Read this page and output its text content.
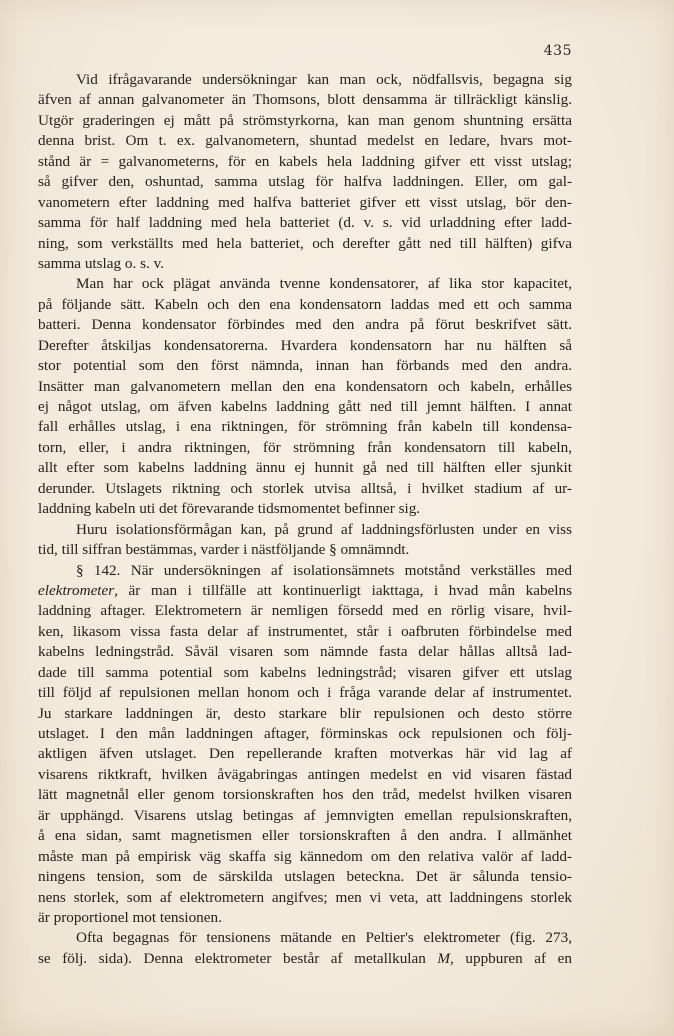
435
Vid ifrågavarande undersökningar kan man ock, nödfallsvis, begagna sig
äfven af annan galvanometer än Thomsons, blott densamma är tillräckligt känslig.
Utgör graderingen ej mått på strömstyrkorna, kan man genom shuntning ersätta
denna brist. Om t. ex. galvanometern, shuntad medelst en ledare, hvars mot-
stånd är = galvanometerns, för en kabels hela laddning gifver ett visst utslag;
så gifver den, oshuntad, samma utslag för halfva laddningen. Eller, om gal-
vanometern efter laddning med halfva batteriet gifver ett visst utslag, bör den-
samma för half laddning med hela batteriet (d. v. s. vid urladdning efter ladd-
ning, som verkställts med hela batteriet, och derefter gått ned till hälften) gifva
samma utslag o. s. v.
Man har ock plägat använda tvenne kondensatorer, af lika stor kapacitet,
på följande sätt. Kabeln och den ena kondensatorn laddas med ett och samma
batteri. Denna kondensator förbindes med den andra på förut beskrifvet sätt.
Derefter åtskiljas kondensatorerna. Hvardera kondensatorn har nu hälften så
stor potential som den först nämnda, innan han förbands med den andra.
Insätter man galvanometern mellan den ena kondensatorn och kabeln, erhålles
ej något utslag, om äfven kabelns laddning gått ned till jemnt hälften. I annat
fall erhålles utslag, i ena riktningen, för strömning från kabeln till kondensa-
torn, eller, i andra riktningen, för strömning från kondensatorn till kabeln,
allt efter som kabelns laddning ännu ej hunnit gå ned till hälften eller sjunkit
derunder. Utslagets riktning och storlek utvisa alltså, i hvilket stadium af ur-
laddning kabeln uti det förevarande tidsmomentet befinner sig.
Huru isolationsförmågan kan, på grund af laddningsförlusten under en viss
tid, till siffran bestämmas, varder i nästföljande § omnämndt.
§ 142. När undersökningen af isolationsämnets motstånd verkställes med
elektrometer, är man i tillfälle att kontinuerligt iakttaga, i hvad mån kabelns
laddning aftager. Elektrometern är nemligen försedd med en rörlig visare, hvil-
ken, likasom vissa fasta delar af instrumentet, står i oafbruten förbindelse med
kabelns ledningstråd. Såväl visaren som nämnde fasta delar hållas alltså lad-
dade till samma potential som kabelns ledningstråd; visaren gifver ett utslag
till följd af repulsionen mellan honom och i fråga varande delar af instrumentet.
Ju starkare laddningen är, desto starkare blir repulsionen och desto större
utslaget. I den mån laddningen aftager, förminskas ock repulsionen och följ-
aktligen äfven utslaget. Den repellerande kraften motverkas här vid lag af
visarens riktkraft, hvilken åvägabringas antingen medelst en vid visaren fästad
lätt magnetnål eller genom torsionskraften hos den tråd, medelst hvilken visaren
är upphängd. Visarens utslag betingas af jemnvigten emellan repulsionskraften,
å ena sidan, samt magnetismen eller torsionskraften å den andra. I allmänhet
måste man på empirisk väg skaffa sig kännedom om den relativa valör af ladd-
ningens tension, som de särskilda utslagen beteckna. Det är sålunda tensio-
nens storlek, som af elektrometern angifves; men vi veta, att laddningens storlek
är proportionel mot tensionen.
Ofta begagnas för tensionens mätande en Peltier's elektrometer (fig. 273,
se följ. sida). Denna elektrometer består af metallkulan M, uppburen af en
